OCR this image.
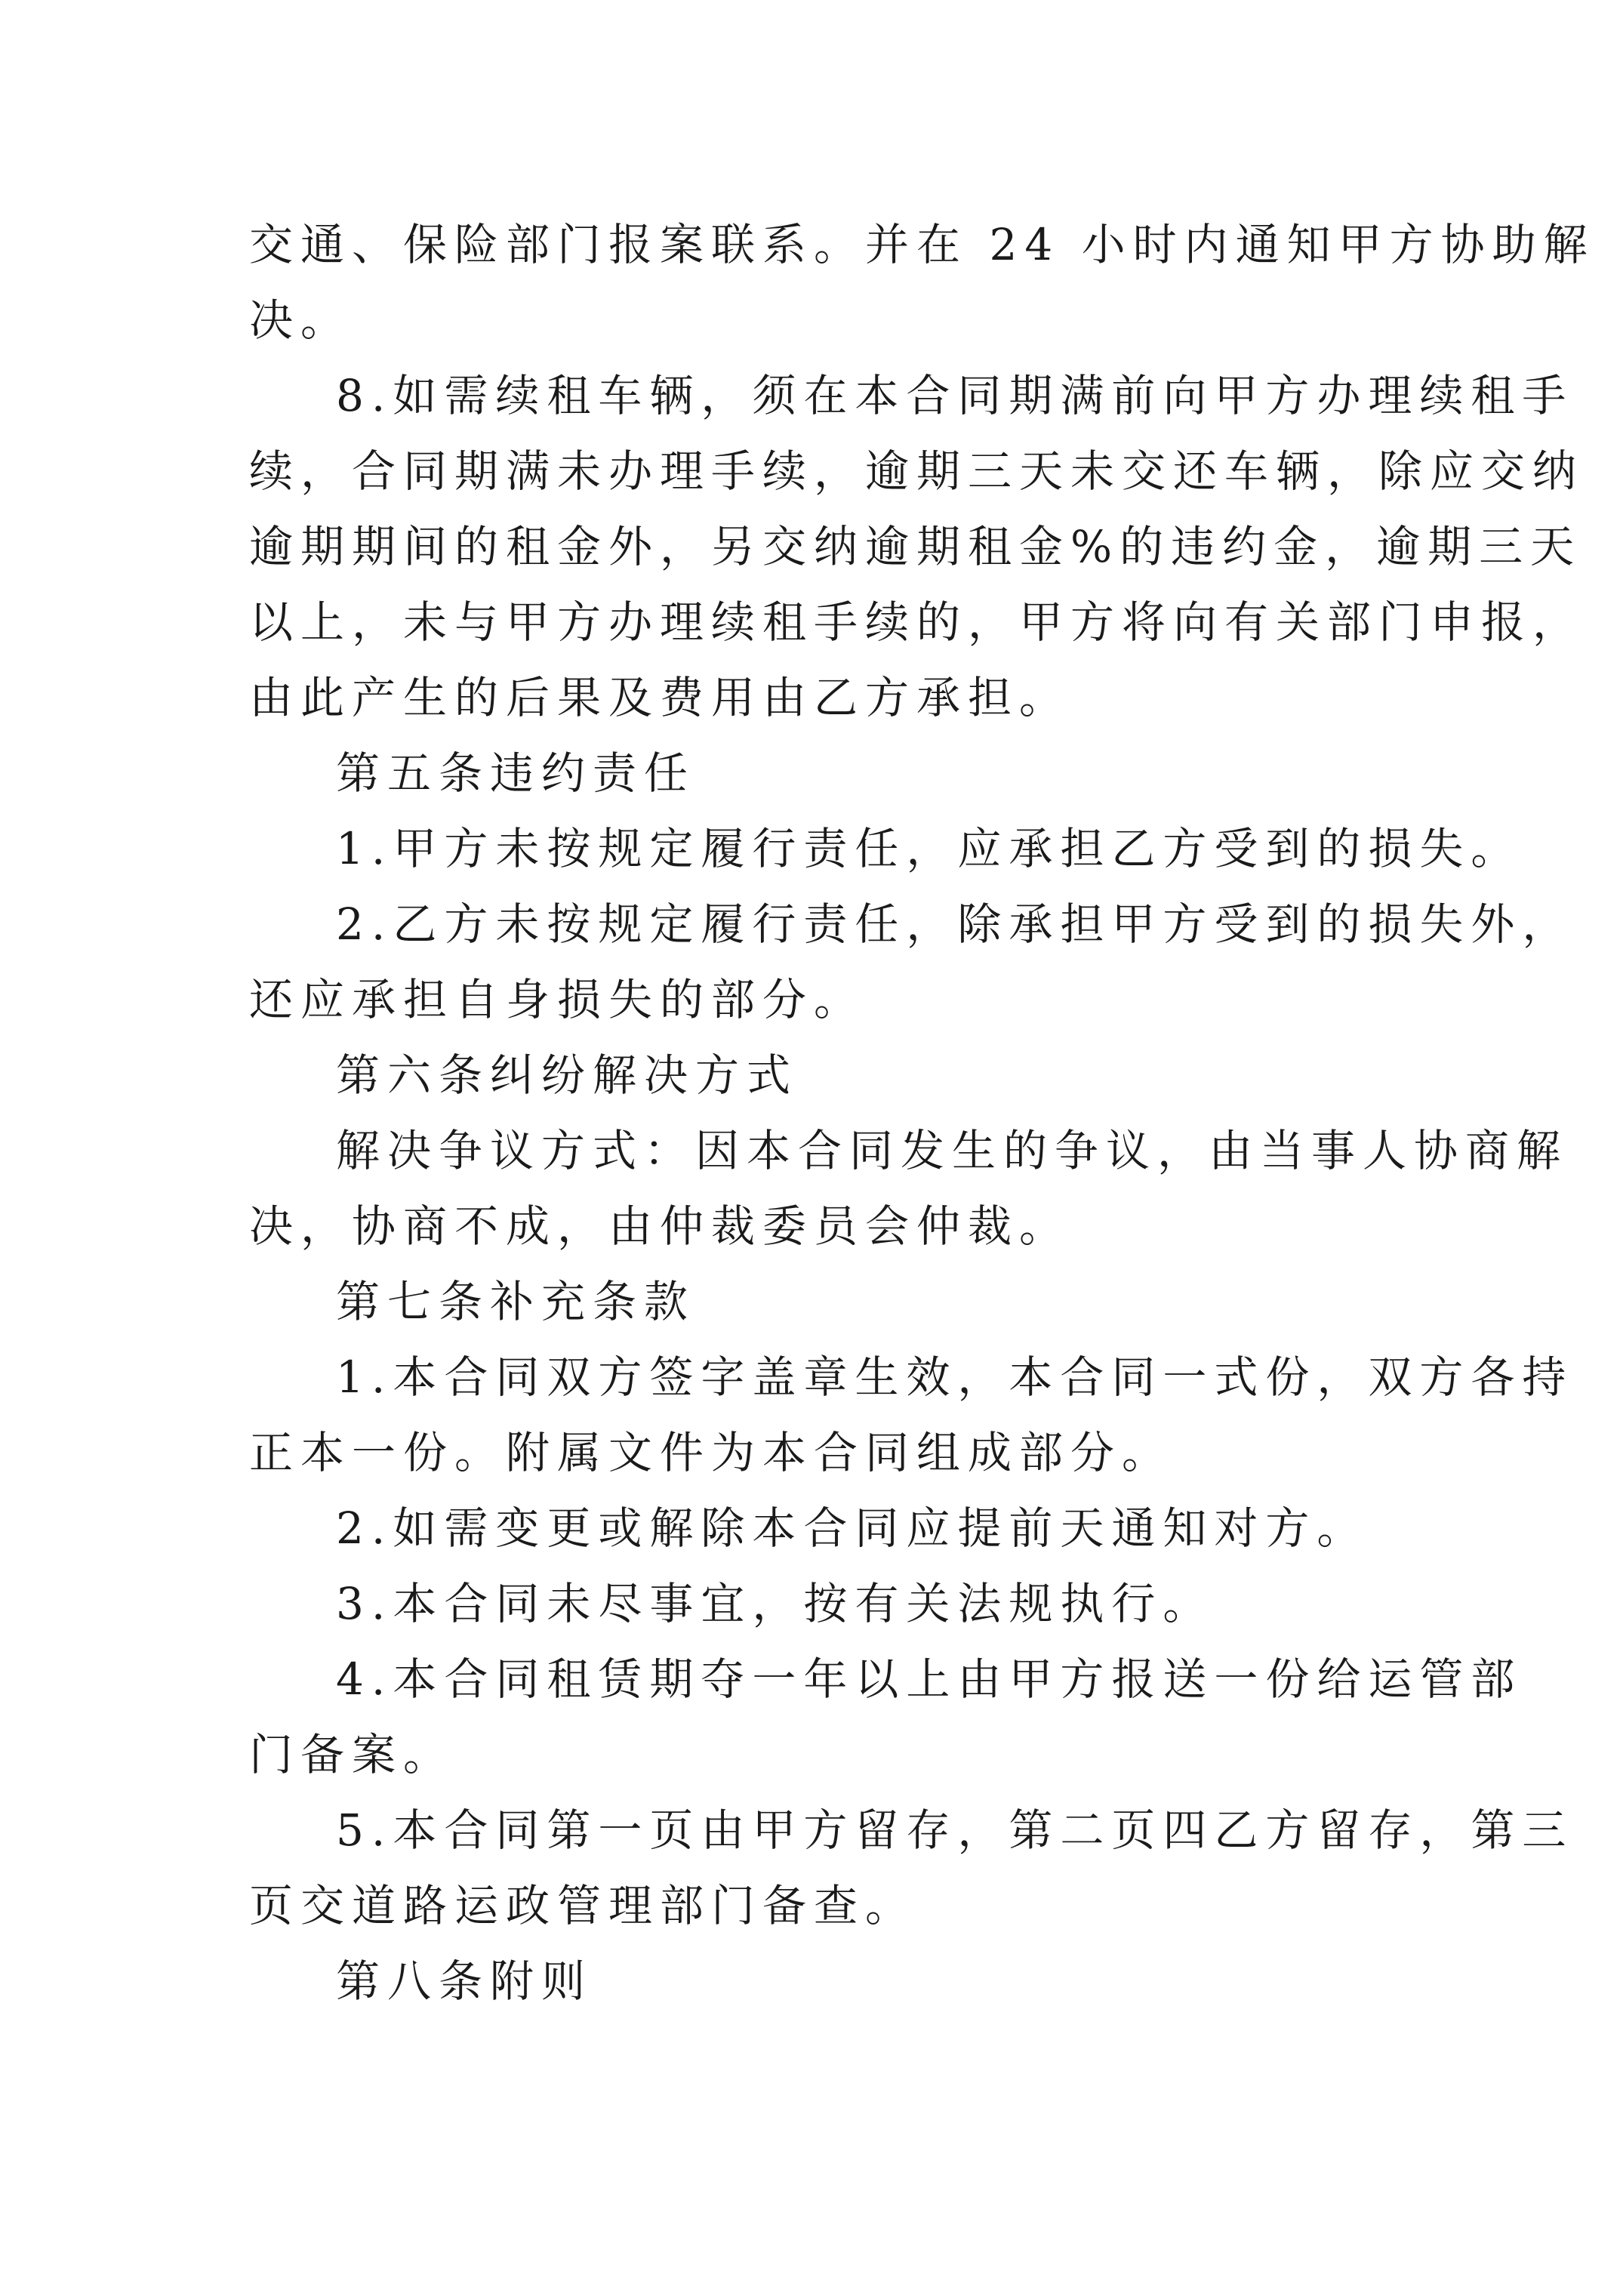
交通、保险部门报案联系。并在 24 小时内通知甲方协助解
决。
8.如需续租车辆，须在本合同期满前向甲方办理续租手
续，合同期满未办理手续，逾期三天未交还车辆，除应交纳
逾期期间的租金外，另交纳逾期租金%的违约金，逾期三天
以上，未与甲方办理续租手续的，甲方将向有关部门申报，
由此产生的后果及费用由乙方承担。
第五条违约责任
1.甲方未按规定履行责任，应承担乙方受到的损失。
2.乙方未按规定履行责任，除承担甲方受到的损失外，
还应承担自身损失的部分。
第六条纠纷解决方式
解决争议方式：因本合同发生的争议，由当事人协商解
决，协商不成，由仲裁委员会仲裁。
第七条补充条款
1.本合同双方签字盖章生效，本合同一式份，双方各持
正本一份。附属文件为本合同组成部分。
2.如需变更或解除本合同应提前天通知对方。
3.本合同未尽事宜，按有关法规执行。
4.本合同租赁期夺一年以上由甲方报送一份给运管部
门备案。
5.本合同第一页由甲方留存，第二页四乙方留存，第三
页交道路运政管理部门备查。
第八条附则
